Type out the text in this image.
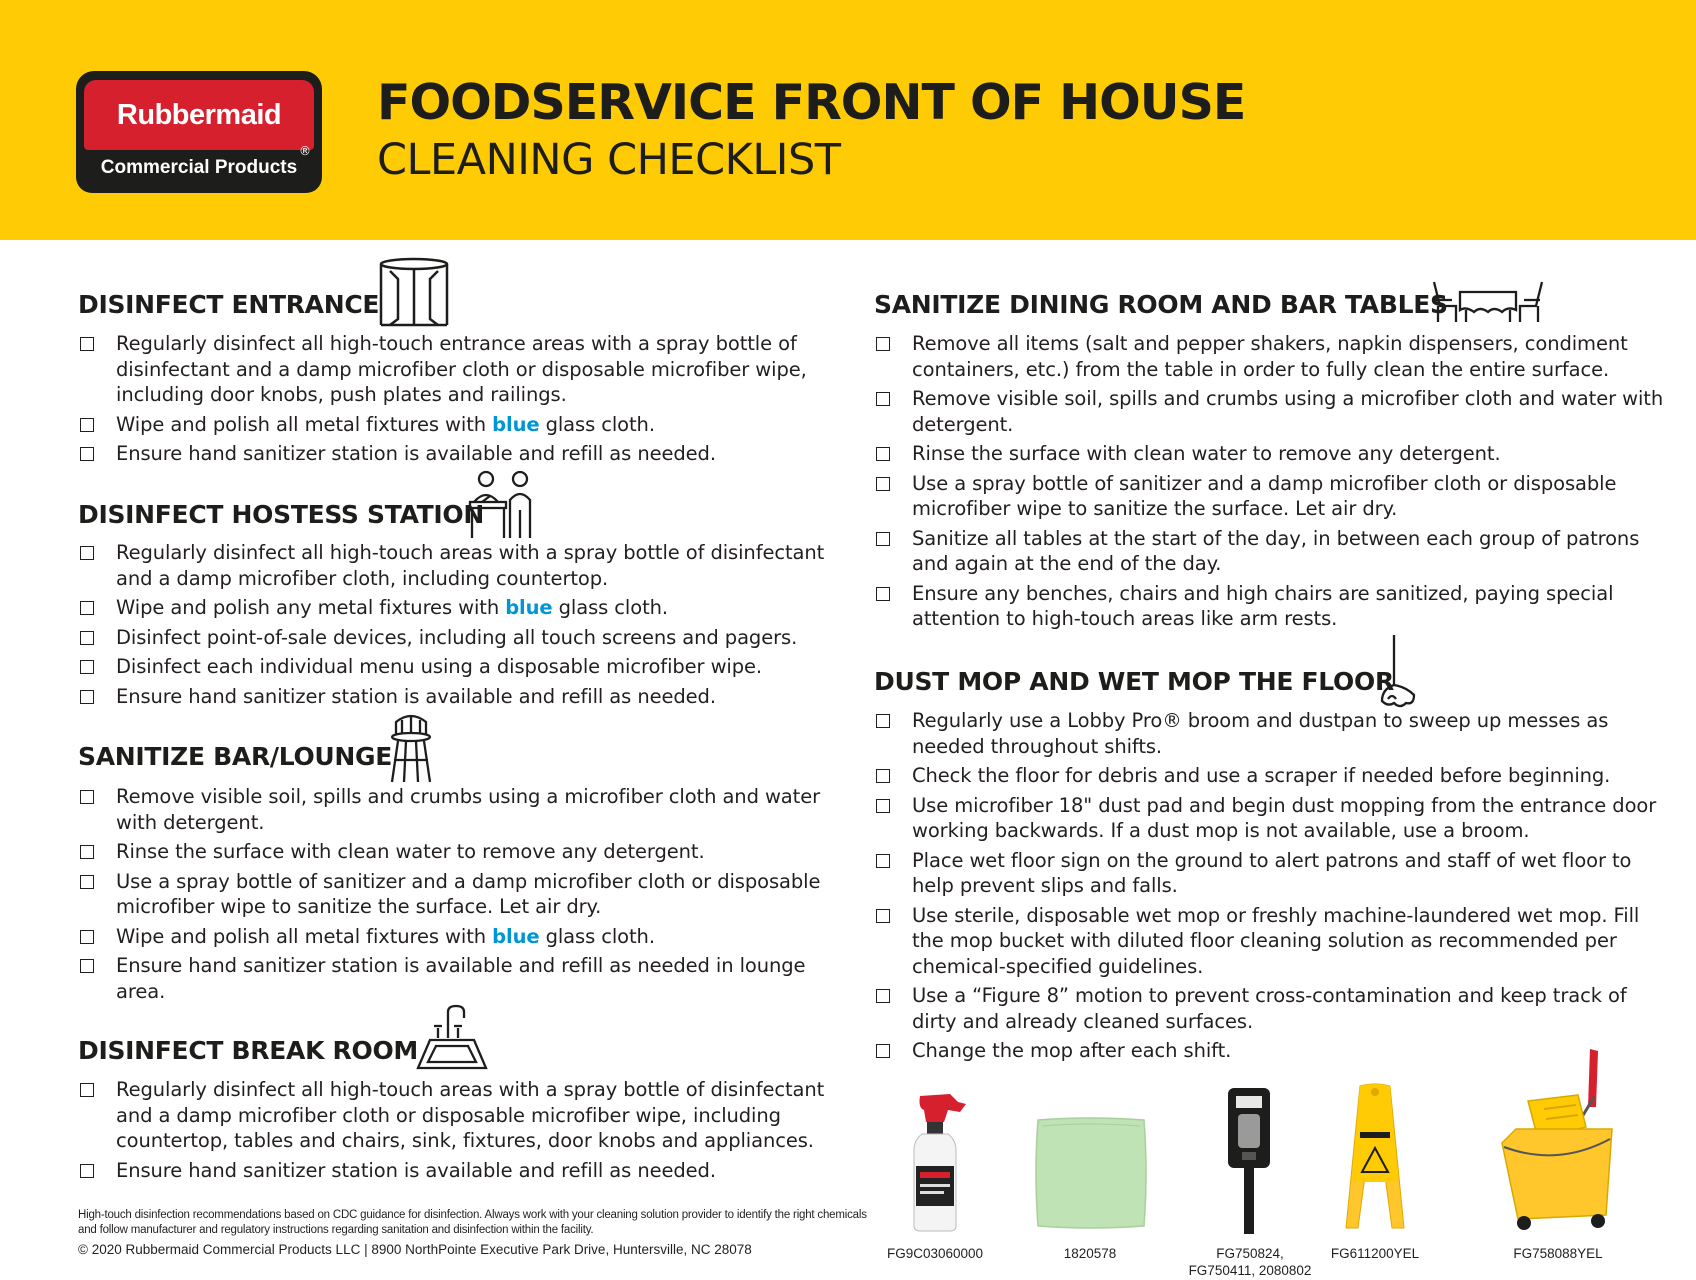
Rubbermaid
®
Commercial Products
FOODSERVICE FRONT OF HOUSE
CLEANING CHECKLIST
DISINFECT ENTRANCE
Regularly disinfect all high-touch entrance areas with a spray bottle of disinfectant and a damp microfiber cloth or disposable microfiber wipe, including door knobs, push plates and railings.
Wipe and polish all metal fixtures with blue glass cloth.
Ensure hand sanitizer station is available and refill as needed.
DISINFECT HOSTESS STATION
Regularly disinfect all high-touch areas with a spray bottle of disinfectant and a damp microfiber cloth, including countertop.
Wipe and polish any metal fixtures with blue glass cloth.
Disinfect point-of-sale devices, including all touch screens and pagers.
Disinfect each individual menu using a disposable microfiber wipe.
Ensure hand sanitizer station is available and refill as needed.
SANITIZE BAR/LOUNGE
Remove visible soil, spills and crumbs using a microfiber cloth and water with detergent.
Rinse the surface with clean water to remove any detergent.
Use a spray bottle of sanitizer and a damp microfiber cloth or disposable microfiber wipe to sanitize the surface. Let air dry.
Wipe and polish all metal fixtures with blue glass cloth.
Ensure hand sanitizer station is available and refill as needed in lounge area.
DISINFECT BREAK ROOM
Regularly disinfect all high-touch areas with a spray bottle of disinfectant and a damp microfiber cloth or disposable microfiber wipe, including countertop, tables and chairs, sink, fixtures, door knobs and appliances.
Ensure hand sanitizer station is available and refill as needed.
SANITIZE DINING ROOM AND BAR TABLES
Remove all items (salt and pepper shakers, napkin dispensers, condiment containers, etc.) from the table in order to fully clean the entire surface.
Remove visible soil, spills and crumbs using a microfiber cloth and water with detergent.
Rinse the surface with clean water to remove any detergent.
Use a spray bottle of sanitizer and a damp microfiber cloth or disposable microfiber wipe to sanitize the surface. Let air dry.
Sanitize all tables at the start of the day, in between each group of patrons and again at the end of the day.
Ensure any benches, chairs and high chairs are sanitized, paying special attention to high-touch areas like arm rests.
DUST MOP AND WET MOP THE FLOOR
Regularly use a Lobby Pro® broom and dustpan to sweep up messes as needed throughout shifts.
Check the floor for debris and use a scraper if needed before beginning.
Use microfiber 18" dust pad and begin dust mopping from the entrance door working backwards. If a dust mop is not available, use a broom.
Place wet floor sign on the ground to alert patrons and staff of wet floor to help prevent slips and falls.
Use sterile, disposable wet mop or freshly machine-laundered wet mop. Fill the mop bucket with diluted floor cleaning solution as recommended per chemical-specified guidelines.
Use a “Figure 8” motion to prevent cross-contamination and keep track of dirty and already cleaned surfaces.
Change the mop after each shift.
FG9C03060000	1820578	FG750824,
FG750411, 2080802
FG611200YEL	FG758088YEL
High-touch disinfection recommendations based on CDC guidance for disinfection. Always work with your cleaning solution provider to identify the right chemicals and follow manufacturer and regulatory instructions regarding sanitation and disinfection within the facility.
© 2020 Rubbermaid Commercial Products LLC | 8900 NorthPointe Executive Park Drive, Huntersville, NC 28078
